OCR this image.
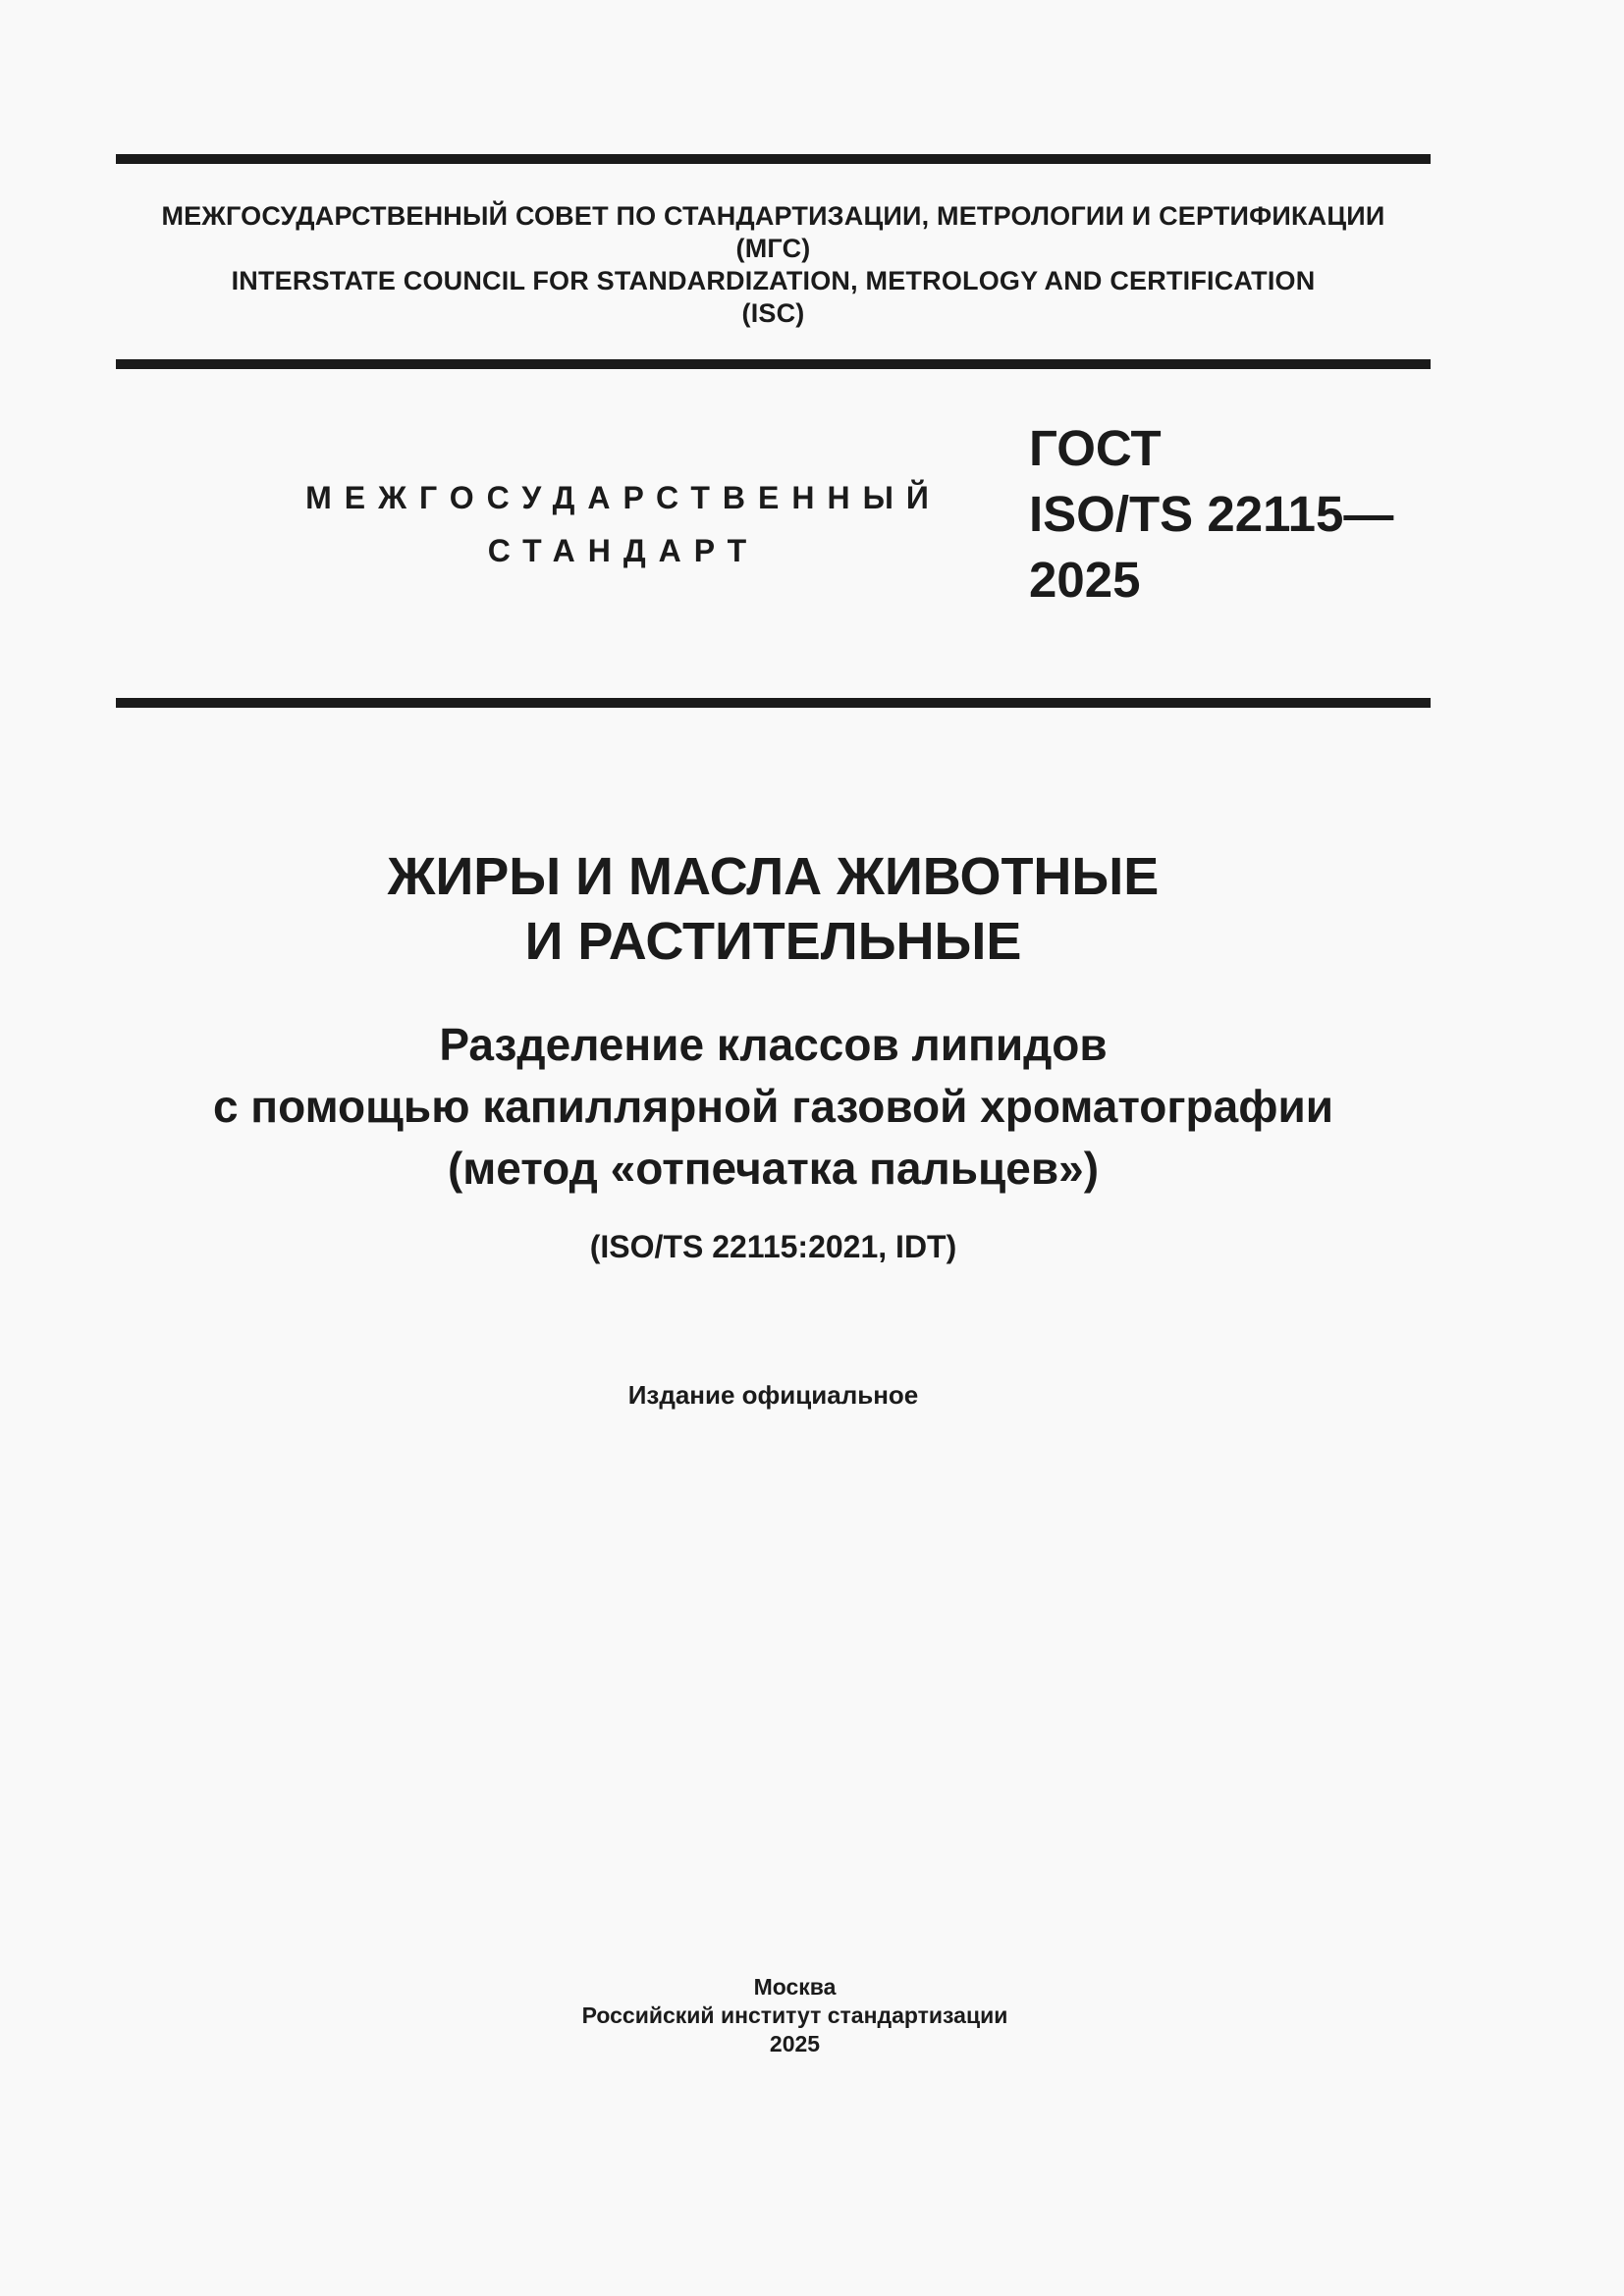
МЕЖГОСУДАРСТВЕННЫЙ СОВЕТ ПО СТАНДАРТИЗАЦИИ, МЕТРОЛОГИИ И СЕРТИФИКАЦИИ
(МГС)
INTERSTATE COUNCIL FOR STANDARDIZATION, METROLOGY AND CERTIFICATION
(ISC)
МЕЖГОСУДАРСТВЕННЫЙ
СТАНДАРТ
ГОСТ
ISO/TS 22115—
2025
ЖИРЫ И МАСЛА ЖИВОТНЫЕ
И РАСТИТЕЛЬНЫЕ
Разделение классов липидов
с помощью капиллярной газовой хроматографии
(метод «отпечатка пальцев»)
(ISO/TS 22115:2021, IDT)
Издание официальное
Москва
Российский институт стандартизации
2025
